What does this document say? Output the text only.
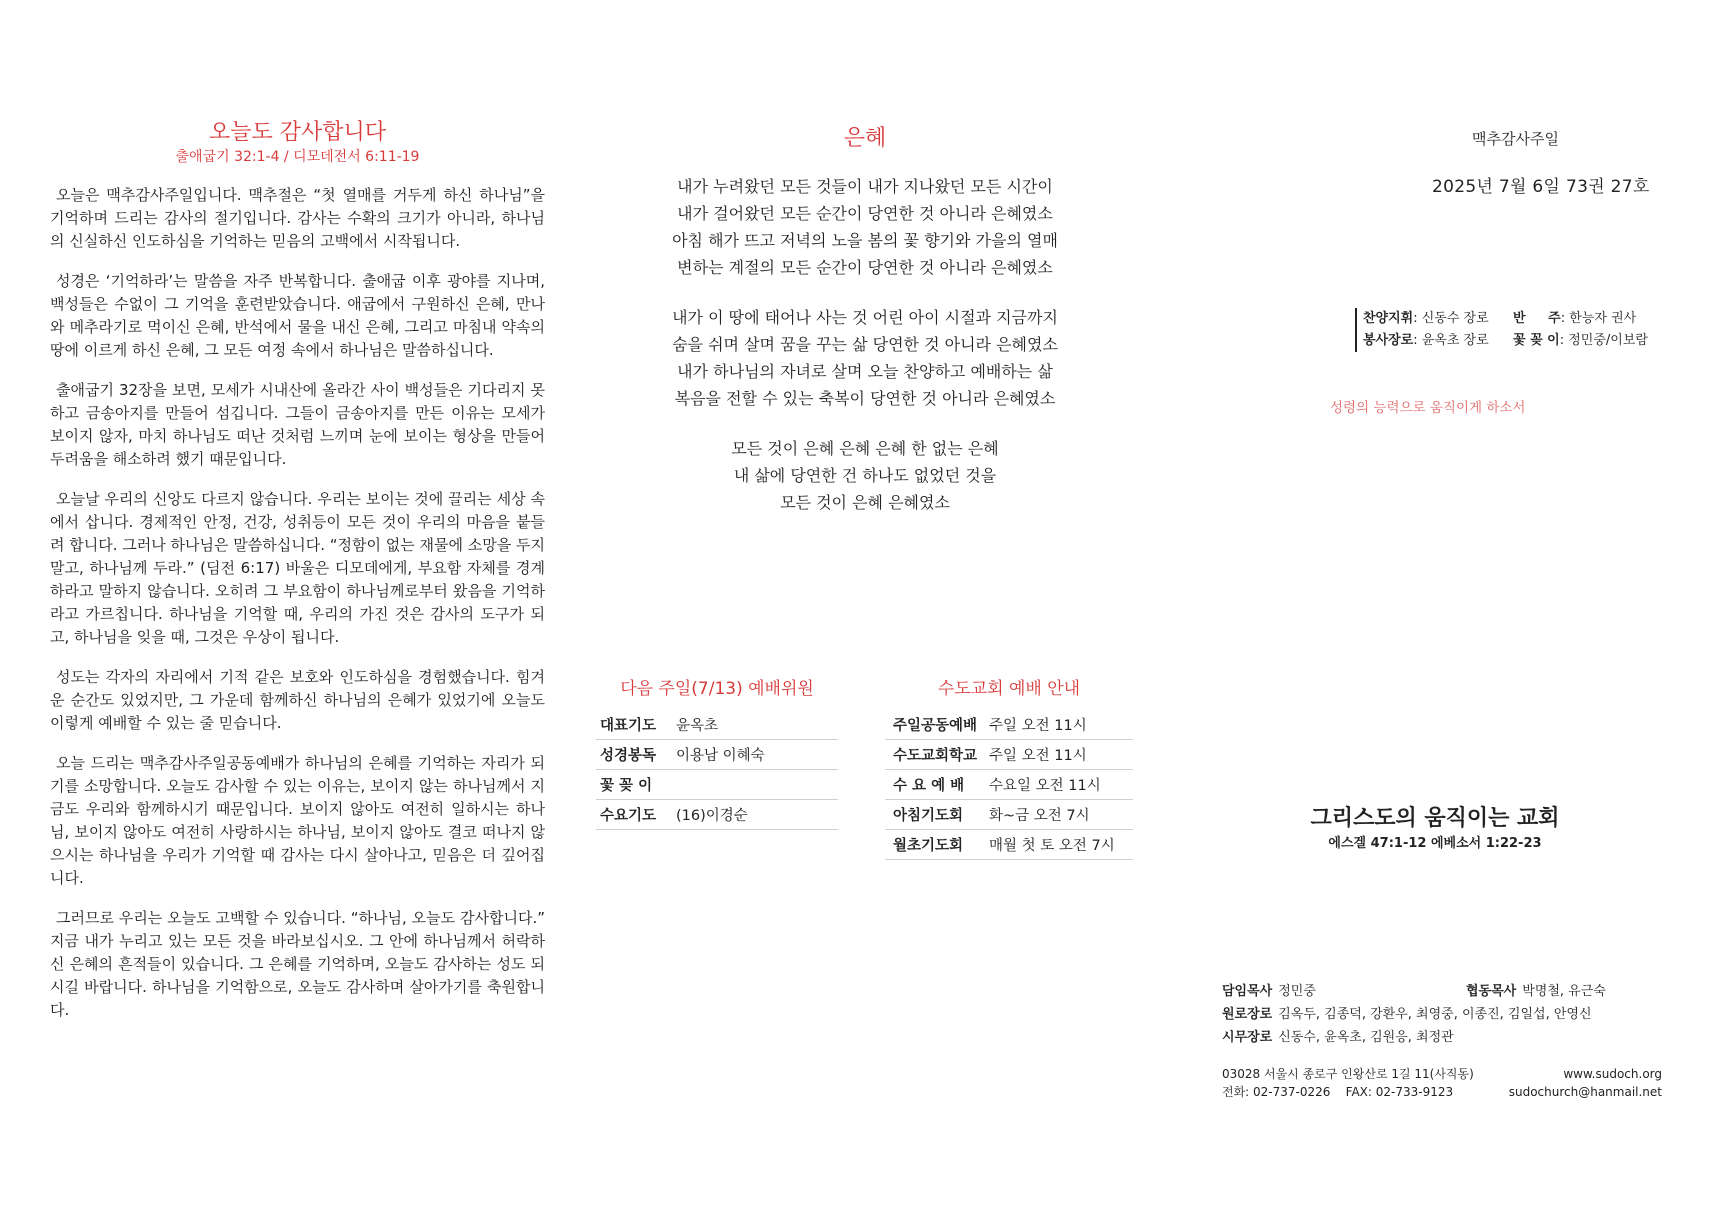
오늘도 감사합니다
출애굽기 32:1-4 / 디모데전서 6:11-19

오늘은 맥추감사주일입니다. 맥추절은 “첫 열매를 거두게 하신 하나님”을 기억하며 드리는 감사의 절기입니다. 감사는 수확의 크기가 아니라, 하나님의 신실하신 인도하심을 기억하는 믿음의 고백에서 시작됩니다.

성경은 ‘기억하라’는 말씀을 자주 반복합니다. 출애굽 이후 광야를 지나며, 백성들은 수없이 그 기억을 훈련받았습니다. 애굽에서 구원하신 은혜, 만나와 메추라기로 먹이신 은혜, 반석에서 물을 내신 은혜, 그리고 마침내 약속의 땅에 이르게 하신 은혜, 그 모든 여정 속에서 하나님은 말씀하십니다.

출애굽기 32장을 보면, 모세가 시내산에 올라간 사이 백성들은 기다리지 못하고 금송아지를 만들어 섬깁니다. 그들이 금송아지를 만든 이유는 모세가 보이지 않자, 마치 하나님도 떠난 것처럼 느끼며 눈에 보이는 형상을 만들어 두려움을 해소하려 했기 때문입니다.

오늘날 우리의 신앙도 다르지 않습니다. 우리는 보이는 것에 끌리는 세상 속에서 삽니다. 경제적인 안정, 건강, 성취등이 모든 것이 우리의 마음을 붙들려 합니다. 그러나 하나님은 말씀하십니다. “정함이 없는 재물에 소망을 두지 말고, 하나님께 두라.” (딤전 6:17) 바울은 디모데에게, 부요함 자체를 경계하라고 말하지 않습니다. 오히려 그 부요함이 하나님께로부터 왔음을 기억하라고 가르칩니다. 하나님을 기억할 때, 우리의 가진 것은 감사의 도구가 되고, 하나님을 잊을 때, 그것은 우상이 됩니다.

성도는 각자의 자리에서 기적 같은 보호와 인도하심을 경험했습니다. 힘겨운 순간도 있었지만, 그 가운데 함께하신 하나님의 은혜가 있었기에 오늘도 이렇게 예배할 수 있는 줄 믿습니다.

오늘 드리는 맥추감사주일공동예배가 하나님의 은혜를 기억하는 자리가 되기를 소망합니다. 오늘도 감사할 수 있는 이유는, 보이지 않는 하나님께서 지금도 우리와 함께하시기 때문입니다. 보이지 않아도 여전히 일하시는 하나님, 보이지 않아도 여전히 사랑하시는 하나님, 보이지 않아도 결코 떠나지 않으시는 하나님을 우리가 기억할 때 감사는 다시 살아나고, 믿음은 더 깊어집니다.

그러므로 우리는 오늘도 고백할 수 있습니다. “하나님, 오늘도 감사합니다.” 지금 내가 누리고 있는 모든 것을 바라보십시오. 그 안에 하나님께서 허락하신 은혜의 흔적들이 있습니다. 그 은혜를 기억하며, 오늘도 감사하는 성도 되시길 바랍니다. 하나님을 기억함으로, 오늘도 감사하며 살아가기를 축원합니다.

은혜
내가 누려왔던 모든 것들이 내가 지나왔던 모든 시간이
내가 걸어왔던 모든 순간이 당연한 것 아니라 은혜였소
아침 해가 뜨고 저녁의 노을 봄의 꽃 향기와 가을의 열매
변하는 계절의 모든 순간이 당연한 것 아니라 은혜였소
내가 이 땅에 태어나 사는 것 어린 아이 시절과 지금까지
숨을 쉬며 살며 꿈을 꾸는 삶 당연한 것 아니라 은혜였소
내가 하나님의 자녀로 살며 오늘 찬양하고 예배하는 삶
복음을 전할 수 있는 축복이 당연한 것 아니라 은혜였소
모든 것이 은혜 은혜 은혜 한 없는 은혜
내 삶에 당연한 건 하나도 없었던 것을
모든 것이 은혜 은혜였소
다음 주일(7/13) 예배위원
대표기도	윤옥초
성경봉독	이용남 이혜숙
꽃 꽂 이
수요기도	(16)이경순
수도교회 예배 안내
주일공동예배 주일 오전 11시
수도교회학교 주일 오전 11시
수 요 예 배	수요일 오전 11시
아침기도회	화~금 오전 7시
월초기도회	매월 첫 토 오전 7시
맥추감사주일
2025년 7월 6일 73권 27호
찬양지휘: 신동수 장로	반     주: 한능자 권사
봉사장로: 윤옥초 장로	꽃 꽂 이: 정민중/이보람
성령의 능력으로 움직이게 하소서
그리스도의 움직이는 교회
에스겔 47:1-12 에베소서 1:22-23
담임목사 정민중	협동목사 박명철, 유근숙
원로장로 김옥두, 김종덕, 강환우, 최영중, 이종진, 김일섭, 안영신
시무장로 신동수, 윤옥초, 김원응, 최정관
03028 서울시 종로구 인왕산로 1길 11(사직동)	www.sudoch.org
전화: 02-737-0226    FAX: 02-733-9123	sudochurch@hanmail.net
